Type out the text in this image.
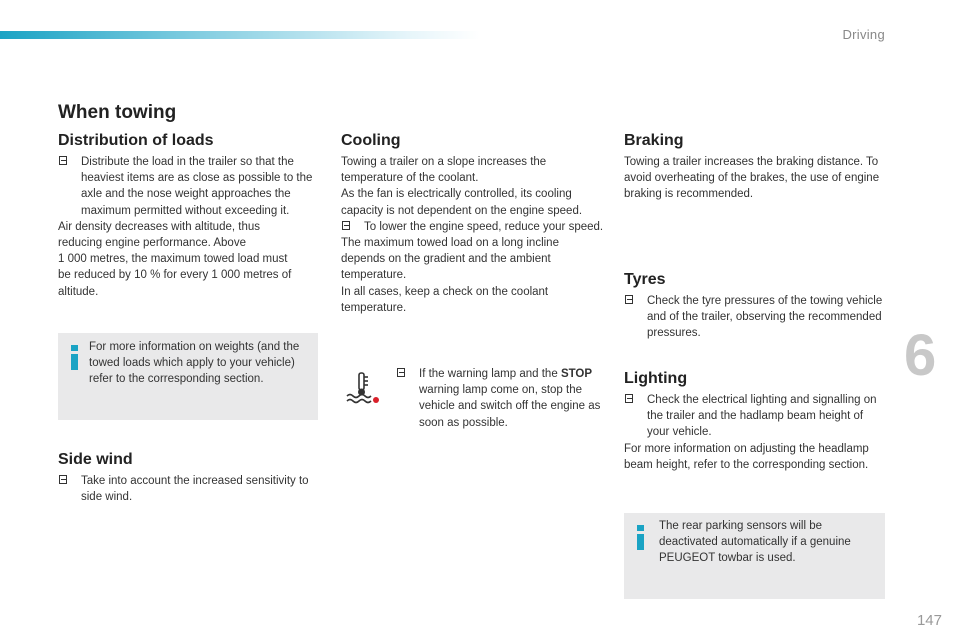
Driving
When towing
Distribution of loads
Distribute the load in the trailer so that the heaviest items are as close as possible to the axle and the nose weight approaches the maximum permitted without exceeding it.
Air density decreases with altitude, thus
reducing engine performance. Above
1 000 metres, the maximum towed load must
be reduced by 10 % for every 1 000 metres of
altitude.
For more information on weights (and the towed loads which apply to your vehicle) refer to the corresponding section.
Side wind
Take into account the increased sensitivity to side wind.
Cooling
Towing a trailer on a slope increases the
temperature of the coolant.
As the fan is electrically controlled, its cooling
capacity is not dependent on the engine speed.
To lower the engine speed, reduce your speed.
The maximum towed load on a long incline
depends on the gradient and the ambient
temperature.
In all cases, keep a check on the coolant
temperature.
If the warning lamp and the STOP warning lamp come on, stop the vehicle and switch off the engine as soon as possible.
Braking
Towing a trailer increases the braking distance. To avoid overheating of the brakes, the use of engine braking is recommended.
Tyres
Check the tyre pressures of the towing vehicle and of the trailer, observing the recommended pressures.
Lighting
Check the electrical lighting and signalling on the trailer and the hadlamp beam height of your vehicle.
For more information on adjusting the headlamp beam height, refer to the corresponding section.
The rear parking sensors will be deactivated automatically if a genuine PEUGEOT towbar is used.
6
147
